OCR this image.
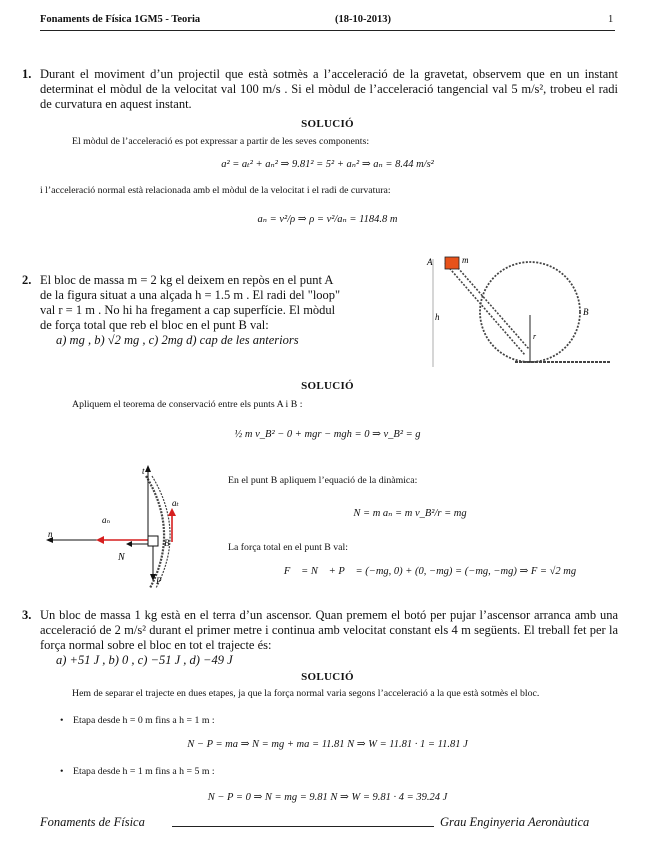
Fonaments de Física 1GM5 - Teoria	(18-10-2013)	1
1. Durant el moviment d’un projectil que està sotmès a l’acceleració de la gravetat, observem que en un instant determinat el mòdul de la velocitat val 100 m/s . Si el mòdul de l’acceleració tangencial val 5 m/s², trobeu el radi de curvatura en aquest instant.
SOLUCIÓ
El mòdul de l’acceleració es pot expressar a partir de les seves components:
a² = aₜ² + aₙ² ⇒ 9.81² = 5² + aₙ² ⇒ aₙ = 8.44 m/s²
i l’acceleració normal està relacionada amb el mòdul de la velocitat i el radi de curvatura:
aₙ = v²/ρ ⇒ ρ = v²/aₙ = 1184.8 m
2. El bloc de massa m = 2 kg el deixem en repòs en el punt A

de la figura situat a una alçada h = 1.5 m . El radi del "loop"

val r = 1 m . No hi ha fregament a cap superfície. El mòdul

de força total que reb el bloc en el punt B val:

a) mg , b) √2 mg , c) 2mg d) cap de les anteriors

A	m
h
r
B
SOLUCIÓ
Apliquem el teorema de conservació entre els punts A i B :
½ m v_B² − 0 + mgr − mgh = 0 ⇒ v_B² = g
t
aₜ
aₙ
n
N
B
P
En el punt B apliquem l’equació de la dinàmica:
N = m aₙ = m v_B²/r = mg
La força total en el punt B val:
F⃗ = N⃗ + P⃗ = (−mg, 0) + (0, −mg) = (−mg, −mg) ⇒ F = √2 mg
3. Un bloc de massa 1 kg està en el terra d’un ascensor. Quan premem el botó per pujar l’ascensor arranca amb una acceleració de 2 m/s² durant el primer metre i continua amb velocitat constant els 4 m següents. El treball fet per la força normal sobre el bloc en tot el trajecte és:
a) +51 J , b) 0 , c) −51 J , d) −49 J
SOLUCIÓ
Hem de separar el trajecte en dues etapes, ja que la força normal varia segons l’acceleració a la que està sotmès el bloc.
• Etapa desde h = 0 m fins a h = 1 m :
N − P = ma ⇒ N = mg + ma = 11.81 N ⇒ W = 11.81 · 1 = 11.81 J
• Etapa desde h = 1 m fins a h = 5 m :
N − P = 0 ⇒ N = mg = 9.81 N ⇒ W = 9.81 · 4 = 39.24 J
Fonaments de Física	Grau Enginyeria Aeronàutica
